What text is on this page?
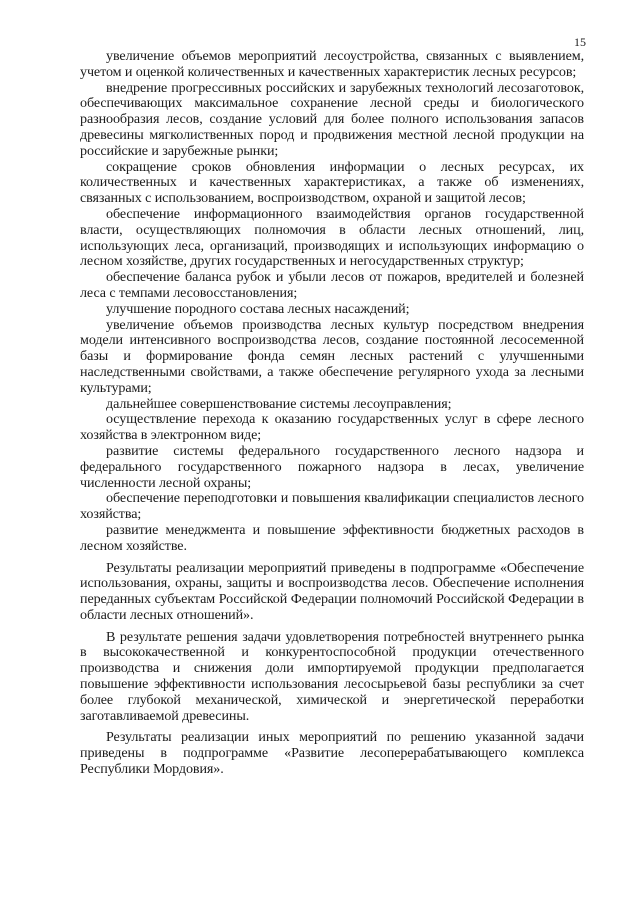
15

увеличение объемов мероприятий лесоустройства, связанных с выявлением, учетом и оценкой количественных и качественных характеристик лесных ресурсов;

внедрение прогрессивных российских и зарубежных технологий лесозаготовок, обеспечивающих максимальное сохранение лесной среды и биологического разнообразия лесов, создание условий для более полного использования запасов древесины мягколиственных пород и продвижения местной лесной продукции на российские и зарубежные рынки;

сокращение сроков обновления информации о лесных ресурсах, их количественных и качественных характеристиках, а также об изменениях, связанных с использованием, воспроизводством, охраной и защитой лесов;

обеспечение информационного взаимодействия органов государственной власти, осуществляющих полномочия в области лесных отношений, лиц, использующих леса, организаций, производящих и использующих информацию о лесном хозяйстве, других государственных и негосударственных структур;

обеспечение баланса рубок и убыли лесов от пожаров, вредителей и болезней леса с темпами лесовосстановления;

улучшение породного состава лесных насаждений;

увеличение объемов производства лесных культур посредством внедрения модели интенсивного воспроизводства лесов, создание постоянной лесосеменной базы и формирование фонда семян лесных растений с улучшенными наследственными свойствами, а также обеспечение регулярного ухода за лесными культурами;

дальнейшее совершенствование системы лесоуправления;

осуществление перехода к оказанию государственных услуг в сфере лесного хозяйства в электронном виде;

развитие системы федерального государственного лесного надзора и федерального государственного пожарного надзора в лесах, увеличение численности лесной охраны;

обеспечение переподготовки и повышения квалификации специалистов лесного хозяйства;

развитие менеджмента и повышение эффективности бюджетных расходов в лесном хозяйстве.

Результаты реализации мероприятий приведены в подпрограмме «Обеспечение использования, охраны, защиты и воспроизводства лесов. Обеспечение исполнения переданных субъектам Российской Федерации полномочий Российской Федерации в области лесных отношений».

В результате решения задачи удовлетворения потребностей внутреннего рынка в высококачественной и конкурентоспособной продукции отечественного производства и снижения доли импортируемой продукции предполагается повышение эффективности использования лесосырьевой базы республики за счет более глубокой механической, химической и энергетической переработки заготавливаемой древесины.

Результаты реализации иных мероприятий по решению указанной задачи приведены в подпрограмме «Развитие лесоперерабатывающего комплекса Республики Мордовия».
